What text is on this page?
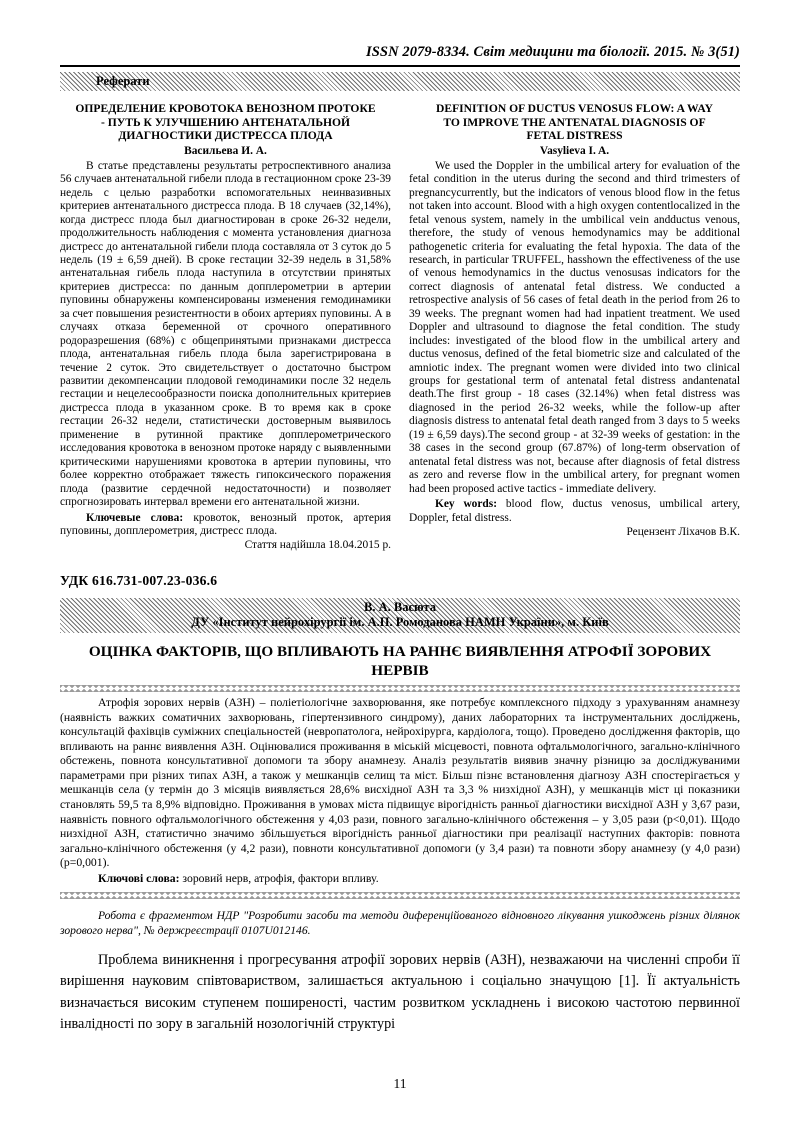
ISSN 2079-8334. Світ медицини та біології. 2015. № 3(51)
Реферати
ОПРЕДЕЛЕНИЕ КРОВОТОКА ВЕНОЗНОМ ПРОТОКЕ
- ПУТЬ К УЛУЧШЕНИЮ АНТЕНАТАЛЬНОЙ
ДИАГНОСТИКИ ДИСТРЕССА ПЛОДА
Васильева И. А.

В статье представлены результаты ретроспективного анализа 56 случаев антенатальной гибели плода в гестационном сроке 23-39 недель с целью разработки вспомогательных неинвазивных критериев антенатального дистресса плода. В 18 случаев (32,14%), когда дистресс плода был диагностирован в сроке 26-32 недели, продолжительность наблюдения с момента установления диагноза дистресс до антенатальной гибели плода составляла от 3 суток до 5 недель (19 ± 6,59 дней). В сроке гестации 32-39 недель в 31,58% антенатальная гибель плода наступила в отсутствии принятых критериев дистресса: по данным допплерометрии в артерии пуповины обнаружены компенсированы изменения гемодинамики за счет повышения резистентности в обоих артериях пуповины. А в случаях отказа беременной от срочного оперативного родоразрешения (68%) с общепринятыми признаками дистресса плода, антенатальная гибель плода была зарегистрирована в течение 2 суток. Это свидетельствует о достаточно быстром развитии декомпенсации плодовой гемодинамики после 32 недель гестации и нецелесообразности поиска дополнительных критериев дистресса плода в указанном сроке. В то время как в сроке гестации 26-32 недели, статистически достоверным выявилось применение в рутинной практике допплерометрического исследования кровотока в венозном протоке наряду с выявленными критическими нарушениями кровотока в артерии пуповины, что более корректно отображает тяжесть гипоксического поражения плода (развитие сердечной недостаточности) и позволяет спрогнозировать интервал времени его антенатальной жизни.

Ключевые слова: кровоток, венозный проток, артерия пуповины, допплерометрия, дистресс плода.

Стаття надійшла 18.04.2015 р.
DEFINITION OF DUCTUS VENOSUS FLOW: A WAY
TO IMPROVE THE ANTENATAL DIAGNOSIS OF
FETAL DISTRESS
Vasylieva I. A.

We used the Doppler in the umbilical artery for evaluation of the fetal condition in the uterus during the second and third trimesters of pregnancycurrently, but the indicators of venous blood flow in the fetus not taken into account. Blood with a high oxygen contentlocalized in the fetal venous system, namely in the umbilical vein andductus venous, therefore, the study of venous hemodynamics may be additional pathogenetic criteria for evaluating the fetal hypoxia. The data of the research, in particular TRUFFEL, hasshown the effectiveness of the use of venous hemodynamics in the ductus venosusas indicators for the correct diagnosis of antenatal fetal distress. We conducted a retrospective analysis of 56 cases of fetal death in the period from 26 to 39 weeks. The pregnant women had had inpatient treatment. We used Doppler and ultrasound to diagnose the fetal condition. The study includes: investigated of the blood flow in the umbilical artery and ductus venosus, defined of the fetal biometric size and calculated of the amniotic index. The pregnant women were divided into two clinical groups for gestational term of antenatal fetal distress andantenatal death.The first group - 18 cases (32.14%) when fetal distress was diagnosed in the period 26-32 weeks, while the follow-up after diagnosis distress to antenatal fetal death ranged from 3 days to 5 weeks (19 ± 6,59 days).The second group - at 32-39 weeks of gestation: in the 38 cases in the second group (67.87%) of long-term observation of antenatal fetal distress was not, because after diagnosis of fetal distress as zero and reverse flow in the umbilical artery, for pregnant women had been proposed active tactics - immediate delivery.

Key words: blood flow, ductus venosus, umbilical artery, Doppler, fetal distress.

Рецензент Ліхачов В.К.
УДК 616.731-007.23-036.6
В. А. Васюта
ДУ «Інститут нейрохірургії ім. А.П. Ромоданова НАМН України», м. Київ
ОЦІНКА ФАКТОРІВ, ЩО ВПЛИВАЮТЬ НА РАННЄ ВИЯВЛЕННЯ АТРОФІЇ ЗОРОВИХ НЕРВІВ

Атрофія зорових нервів (АЗН) – поліетіологічне захворювання, яке потребує комплексного підходу з урахуванням анамнезу (наявність важких соматичних захворювань, гіпертензивного синдрому), даних лабораторних та інструментальних досліджень, консультацій фахівців суміжних спеціальностей (невропатолога, нейрохірурга, кардіолога, тощо). Проведено дослідження факторів, що впливають на раннє виявлення АЗН. Оцінювалися проживання в міській місцевості, повнота офтальмологічного, загально-клінічного обстежень, повнота консультативної допомоги та збору анамнезу. Аналіз результатів виявив значну різницю за досліджуваними параметрами при різних типах АЗН, а також у мешканців селищ та міст. Більш пізнє встановлення діагнозу АЗН спостерігається у мешканців села (у термін до 3 місяців виявляється 28,6% висхідної АЗН та 3,3 % низхідної АЗН), у мешканців міст ці показники становлять 59,5 та 8,9% відповідно. Проживання в умовах міста підвищує вірогідність ранньої діагностики висхідної АЗН у 3,67 рази, наявність повного офтальмологічного обстеження у 4,03 рази, повного загально-клінічного обстеження – у 3,05 рази (р<0,01). Щодо низхідної АЗН, статистично значимо збільшується вірогідність ранньої діагностики при реалізації наступних факторів: повнота загально-клінічного обстеження (у 4,2 рази), повноти консультативної допомоги (у 3,4 рази) та повноти збору анамнезу (у 4,0 рази) (р=0,001).

Ключові слова: зоровий нерв, атрофія, фактори впливу.

Робота є фрагментом НДР "Розробити засоби та методи диференційованого відновного лікування ушкоджень різних ділянок зорового нерва", № держреєстрації 0107U012146.

Проблема виникнення і прогресування атрофії зорових нервів (АЗН), незважаючи на численні спроби її вирішення науковим співтовариством, залишається актуальною і соціально значущою [1]. Її актуальність визначається високим ступенем поширеності, частим розвитком ускладнень і високою частотою первинної інвалідності по зору в загальній нозологічній структурі

11
